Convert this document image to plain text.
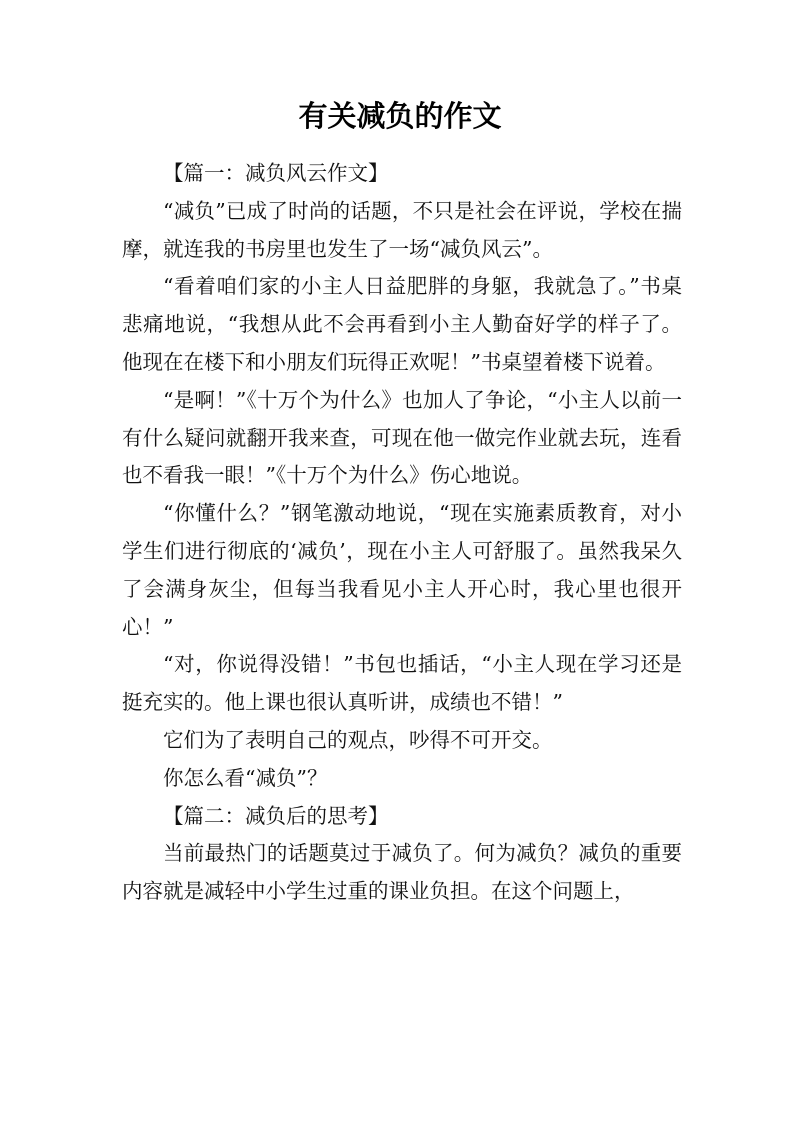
有关减负的作文

【篇一：减负风云作文】

“减负”已成了时尚的话题，不只是社会在评说，学校在揣摩，就连我的书房里也发生了一场“减负风云”。

“看着咱们家的小主人日益肥胖的身躯，我就急了。”书桌悲痛地说，“我想从此不会再看到小主人勤奋好学的样子了。他现在在楼下和小朋友们玩得正欢呢！”书桌望着楼下说着。

“是啊！”《十万个为什么》也加人了争论，“小主人以前一有什么疑问就翻开我来查，可现在他一做完作业就去玩，连看也不看我一眼！”《十万个为什么》伤心地说。

“你懂什么？”钢笔激动地说，“现在实施素质教育，对小学生们进行彻底的‘减负’，现在小主人可舒服了。虽然我呆久了会满身灰尘，但每当我看见小主人开心时，我心里也很开心！”

“对，你说得没错！”书包也插话，“小主人现在学习还是挺充实的。他上课也很认真听讲，成绩也不错！”

它们为了表明自己的观点，吵得不可开交。

你怎么看“减负”？

【篇二：减负后的思考】

当前最热门的话题莫过于减负了。何为减负？减负的重要内容就是减轻中小学生过重的课业负担。在这个问题上，
